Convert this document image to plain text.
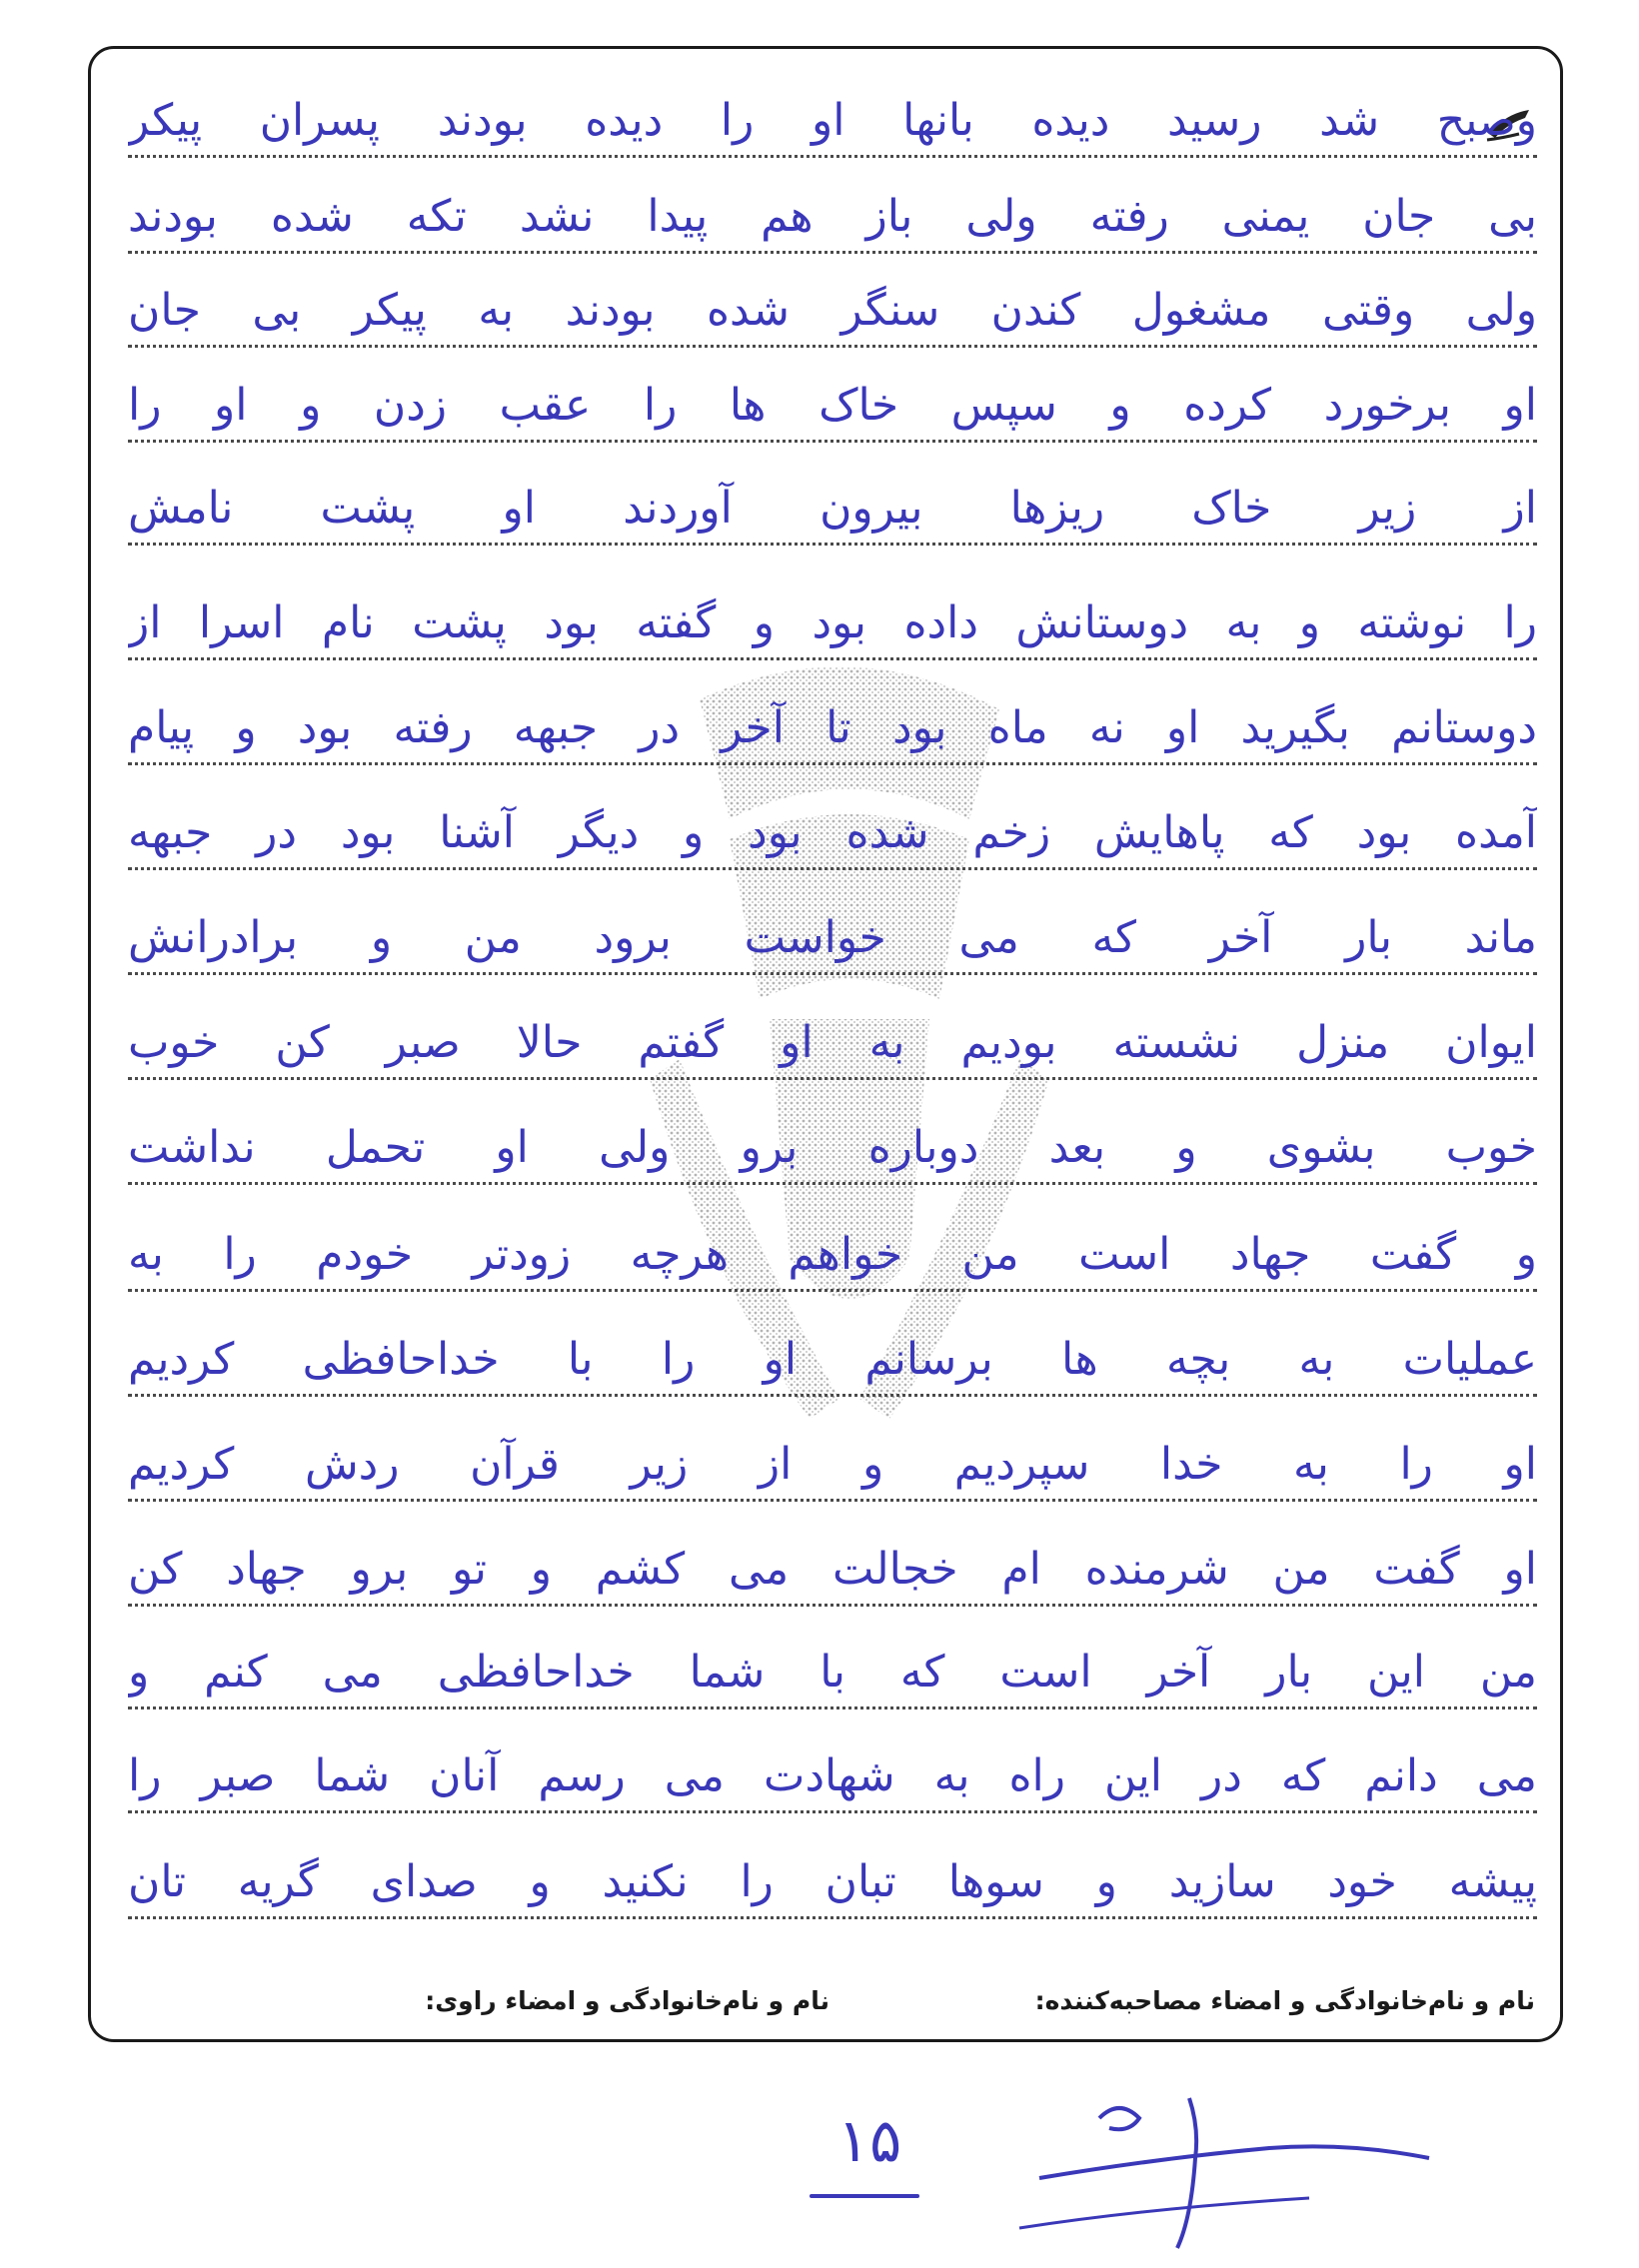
وصبح شد رسید دیده بانها او را دیده بودند پسران پیکر
بی جان یمنی رفته ولی باز هم پیدا نشد تکه شده بودند
ولی وقتی مشغول کندن سنگر شده بودند به پیکر بی جان
او برخورد کرده و سپس خاک ها را عقب زدن و او را
از زیر خاک ریزها بیرون آوردند او پشت نامش
را نوشته و به دوستانش داده بود و گفته بود پشت نام اسرا از
دوستانم بگیرید او نه ماه بود تا آخر در جبهه رفته بود و پیام
آمده بود که پاهایش زخم شده بود و دیگر آشنا بود در جبهه
ماند بار آخر که می خواست برود من و برادرانش
ایوان منزل نشسته بودیم به او گفتم حالا صبر کن خوب
خوب بشوی و بعد دوباره برو ولی او تحمل نداشت
و گفت جهاد است من خواهم هرچه زودتر خودم را به
عملیات به بچه ها برسانم او را با خداحافظی کردیم
او را به خدا سپردیم و از زیر قرآن ردش کردیم
او گفت من شرمنده ام خجالت می کشم و تو برو جهاد کن
من این بار آخر است که با شما خداحافظی می کنم و
می دانم که در این راه به شهادت می رسم آنان شما صبر را
پیشه خود سازید و سوها تبان را نکنید و صدای گریه تان
نام و نام‌خانوادگی و امضاء مصاحبه‌کننده:
نام و نام‌خانوادگی و امضاء راوی:
۱۵
